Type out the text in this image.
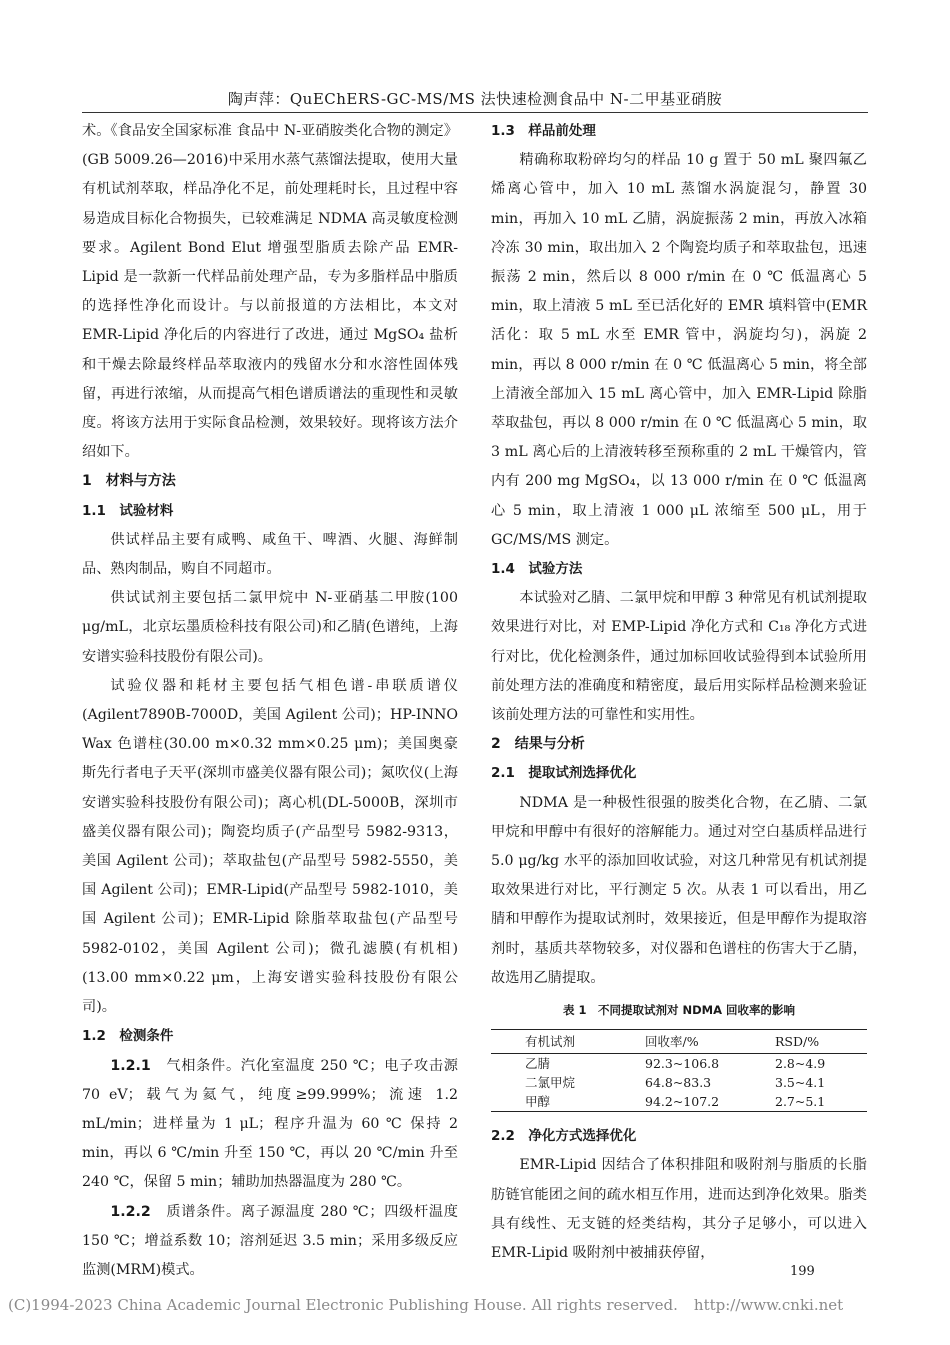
陶声萍：QuEChERS-GC-MS/MS 法快速检测食品中 N-二甲基亚硝胺

术。《食品安全国家标准 食品中 N-亚硝胺类化合物的测定》(GB 5009.26—2016)中采用水蒸气蒸馏法提取，使用大量有机试剂萃取，样品净化不足，前处理耗时长，且过程中容易造成目标化合物损失，已较难满足 NDMA 高灵敏度检测要求。Agilent Bond Elut 增强型脂质去除产品 EMR-Lipid 是一款新一代样品前处理产品，专为多脂样品中脂质的选择性净化而设计。与以前报道的方法相比，本文对 EMR-Lipid 净化后的内容进行了改进，通过 MgSO₄ 盐析和干燥去除最终样品萃取液内的残留水分和水溶性固体残留，再进行浓缩，从而提高气相色谱质谱法的重现性和灵敏度。将该方法用于实际食品检测，效果较好。现将该方法介绍如下。

1　材料与方法

1.1　试验材料

供试样品主要有咸鸭、咸鱼干、啤酒、火腿、海鲜制品、熟肉制品，购自不同超市。

供试试剂主要包括二氯甲烷中 N-亚硝基二甲胺(100 μg/mL，北京坛墨质检科技有限公司)和乙腈(色谱纯，上海安谱实验科技股份有限公司)。

试验仪器和耗材主要包括气相色谱-串联质谱仪(Agilent7890B-7000D，美国 Agilent 公司)；HP-INNO Wax 色谱柱(30.00 m×0.32 mm×0.25 μm)；美国奥豪斯先行者电子天平(深圳市盛美仪器有限公司)；氮吹仪(上海安谱实验科技股份有限公司)；离心机(DL-5000B，深圳市盛美仪器有限公司)；陶瓷均质子(产品型号 5982-9313，美国 Agilent 公司)；萃取盐包(产品型号 5982-5550，美国 Agilent 公司)；EMR-Lipid(产品型号 5982-1010，美国 Agilent 公司)；EMR-Lipid 除脂萃取盐包(产品型号 5982-0102，美国 Agilent 公司)；微孔滤膜(有机相)(13.00 mm×0.22 μm，上海安谱实验科技股份有限公司)。

1.2　检测条件

1.2.1　气相条件。汽化室温度 250 ℃；电子攻击源 70 eV；载气为氦气，纯度≥99.999%；流速 1.2 mL/min；进样量为 1 μL；程序升温为 60 ℃ 保持 2 min，再以 6 ℃/min 升至 150 ℃，再以 20 ℃/min 升至 240 ℃，保留 5 min；辅助加热器温度为 280 ℃。

1.2.2　质谱条件。离子源温度 280 ℃；四级杆温度 150 ℃；增益系数 10；溶剂延迟 3.5 min；采用多级反应监测(MRM)模式。

1.3　样品前处理

精确称取粉碎均匀的样品 10 g 置于 50 mL 聚四氟乙烯离心管中，加入 10 mL 蒸馏水涡旋混匀，静置 30 min，再加入 10 mL 乙腈，涡旋振荡 2 min，再放入冰箱冷冻 30 min，取出加入 2 个陶瓷均质子和萃取盐包，迅速振荡 2 min，然后以 8 000 r/min 在 0 ℃ 低温离心 5 min，取上清液 5 mL 至已活化好的 EMR 填料管中(EMR 活化：取 5 mL 水至 EMR 管中，涡旋均匀)，涡旋 2 min，再以 8 000 r/min 在 0 ℃ 低温离心 5 min，将全部上清液全部加入 15 mL 离心管中，加入 EMR-Lipid 除脂萃取盐包，再以 8 000 r/min 在 0 ℃ 低温离心 5 min，取 3 mL 离心后的上清液转移至预称重的 2 mL 干燥管内，管内有 200 mg MgSO₄，以 13 000 r/min 在 0 ℃ 低温离心 5 min，取上清液 1 000 μL 浓缩至 500 μL，用于 GC/MS/MS 测定。

1.4　试验方法

本试验对乙腈、二氯甲烷和甲醇 3 种常见有机试剂提取效果进行对比，对 EMP-Lipid 净化方式和 C₁₈ 净化方式进行对比，优化检测条件，通过加标回收试验得到本试验所用前处理方法的准确度和精密度，最后用实际样品检测来验证该前处理方法的可靠性和实用性。

2　结果与分析

2.1　提取试剂选择优化

NDMA 是一种极性很强的胺类化合物，在乙腈、二氯甲烷和甲醇中有很好的溶解能力。通过对空白基质样品进行 5.0 μg/kg 水平的添加回收试验，对这几种常见有机试剂提取效果进行对比，平行测定 5 次。从表 1 可以看出，用乙腈和甲醇作为提取试剂时，效果接近，但是甲醇作为提取溶剂时，基质共萃物较多，对仪器和色谱柱的伤害大于乙腈，故选用乙腈提取。

表 1　不同提取试剂对 NDMA 回收率的影响
有机试剂	回收率/%	RSD/%
乙腈	92.3~106.8	2.8~4.9
二氯甲烷	64.8~83.3	3.5~4.1
甲醇	94.2~107.2	2.7~5.1

2.2　净化方式选择优化

EMR-Lipid 因结合了体积排阻和吸附剂与脂质的长脂肪链官能团之间的疏水相互作用，进而达到净化效果。脂类具有线性、无支链的烃类结构，其分子足够小，可以进入 EMR-Lipid 吸附剂中被捕获停留，

199
(C)1994-2023 China Academic Journal Electronic Publishing House. All rights reserved. http://www.cnki.net
